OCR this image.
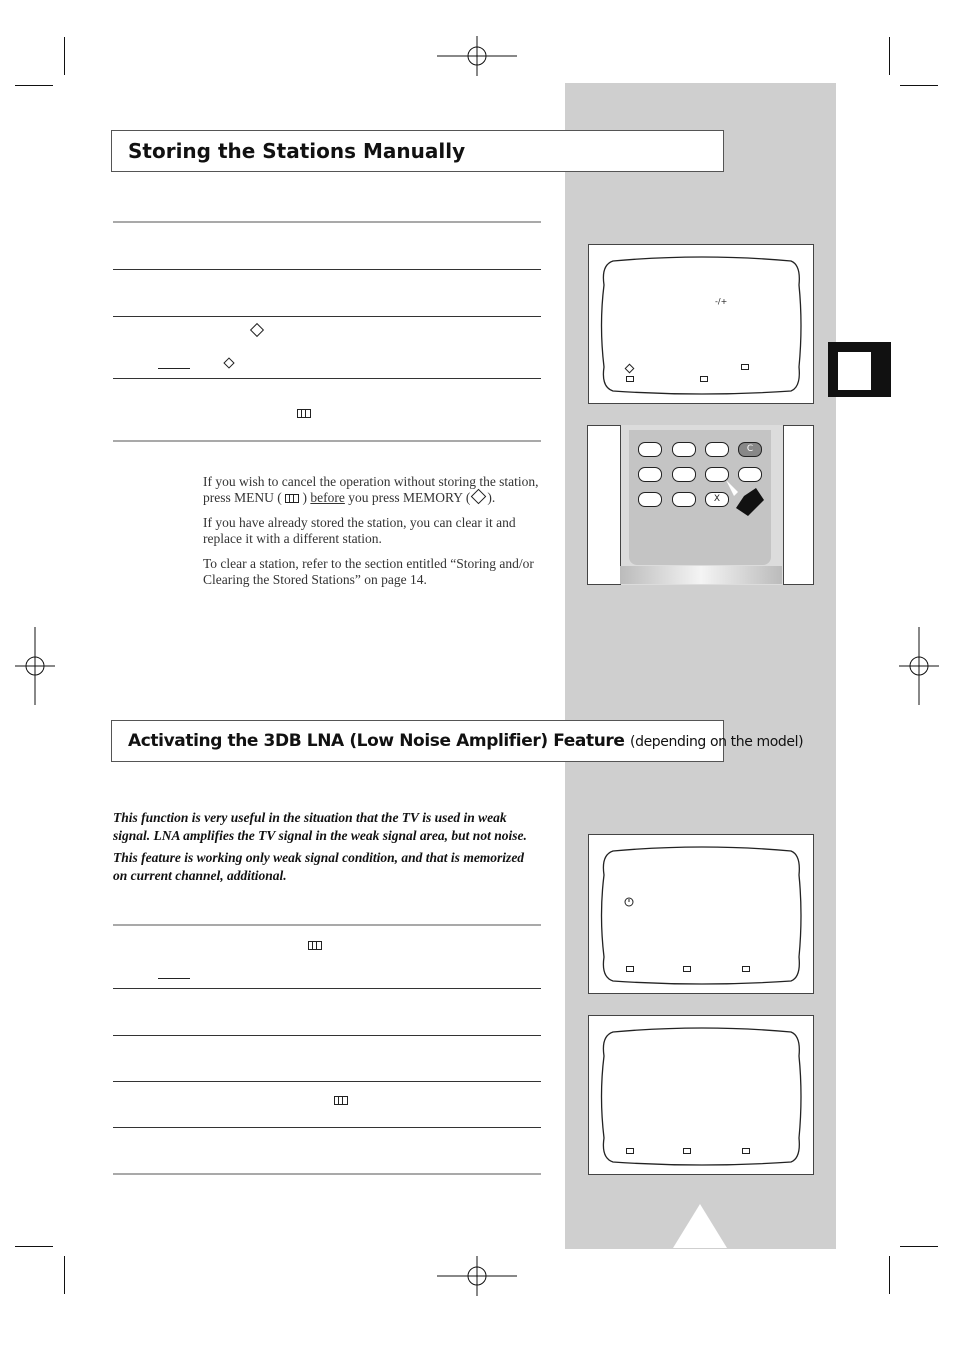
Storing the Stations Manually

If you wish to cancel the operation without storing the station, press MENU ( ) before you press MEMORY ( ).

If you have already stored the station, you can clear it and replace it with a different station.

To clear a station, refer to the section entitled “Storing and/or Clearing the Stored Stations” on page 14.

-/+
C
X
Activating the 3DB LNA (Low Noise Amplifier) Feature (depending on the model)

This function is very useful in the situation that the TV is used in weak signal. LNA amplifies the TV signal in the weak signal area, but not noise.

This feature is working only weak signal condition, and that is memorized on current channel, additional.
